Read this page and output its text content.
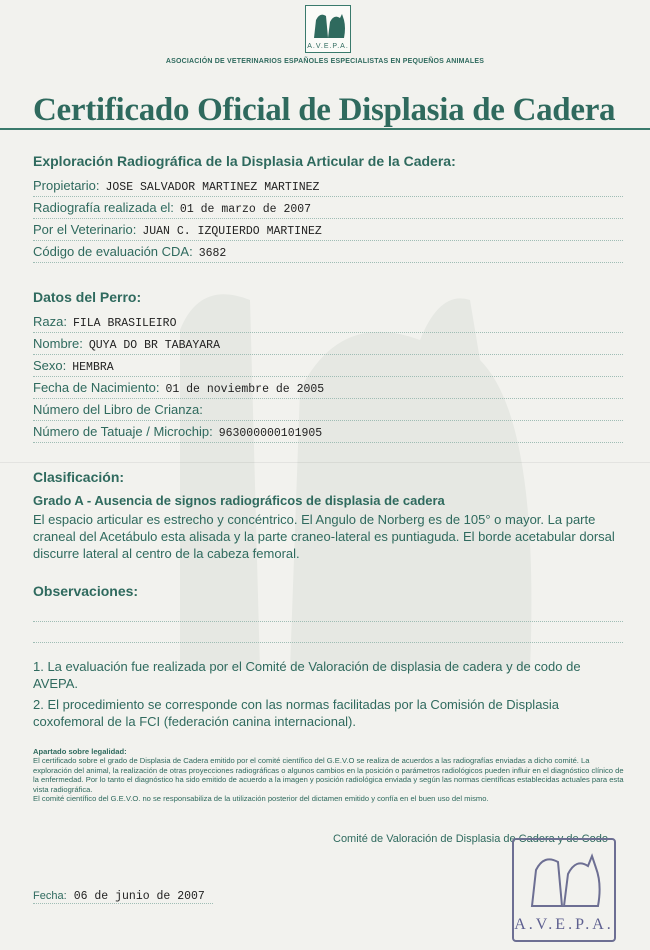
A.V.E.P.A.
ASOCIACIÓN DE VETERINARIOS ESPAÑOLES ESPECIALISTAS EN PEQUEÑOS ANIMALES
Certificado Oficial de Displasia de Cadera
Exploración Radiográfica de la Displasia Articular de la Cadera:
Propietario: JOSE SALVADOR MARTINEZ MARTINEZ
Radiografía realizada el: 01 de marzo de 2007
Por el Veterinario: JUAN C. IZQUIERDO MARTINEZ
Código de evaluación CDA: 3682
Datos del Perro:
Raza: FILA BRASILEIRO
Nombre: QUYA DO BR TABAYARA
Sexo: HEMBRA
Fecha de Nacimiento: 01 de noviembre de 2005
Número del Libro de Crianza:
Número de Tatuaje / Microchip: 963000000101905
Clasificación:
Grado A - Ausencia de signos radiográficos de displasia de cadera
El espacio articular es estrecho y concéntrico. El Angulo de Norberg es de 105° o mayor. La parte craneal del Acetábulo esta alisada y la parte craneo-lateral es puntiaguda. El borde acetabular dorsal discurre lateral al centro de la cabeza femoral.
Observaciones:
1. La evaluación fue realizada por el Comité de Valoración de displasia de cadera y de codo de AVEPA.
2. El procedimiento se corresponde con las normas facilitadas por la Comisión de Displasia coxofemoral de la FCI (federación canina internacional).
Apartado sobre legalidad:
El certificado sobre el grado de Displasia de Cadera emitido por el comité científico del G.E.V.O se realiza de acuerdos a las radiografías enviadas a dicho comité. La exploración del animal, la realización de otras proyecciones radiográficas o algunos cambios en la posición o parámetros radiológicos pueden influir en el diagnóstico clínico de la enfermedad. Por lo tanto el diagnóstico ha sido emitido de acuerdo a la imagen y posición radiológica enviada y según las normas científicas establecidas actuales para esta vista radiográfica.
El comité científico del G.E.V.O. no se responsabiliza de la utilización posterior del dictamen emitido y confía en el buen uso del mismo.
Comité de Valoración de Displasia de Cadera y de Codo
Fecha: 06 de junio de 2007
A.V.E.P.A.
